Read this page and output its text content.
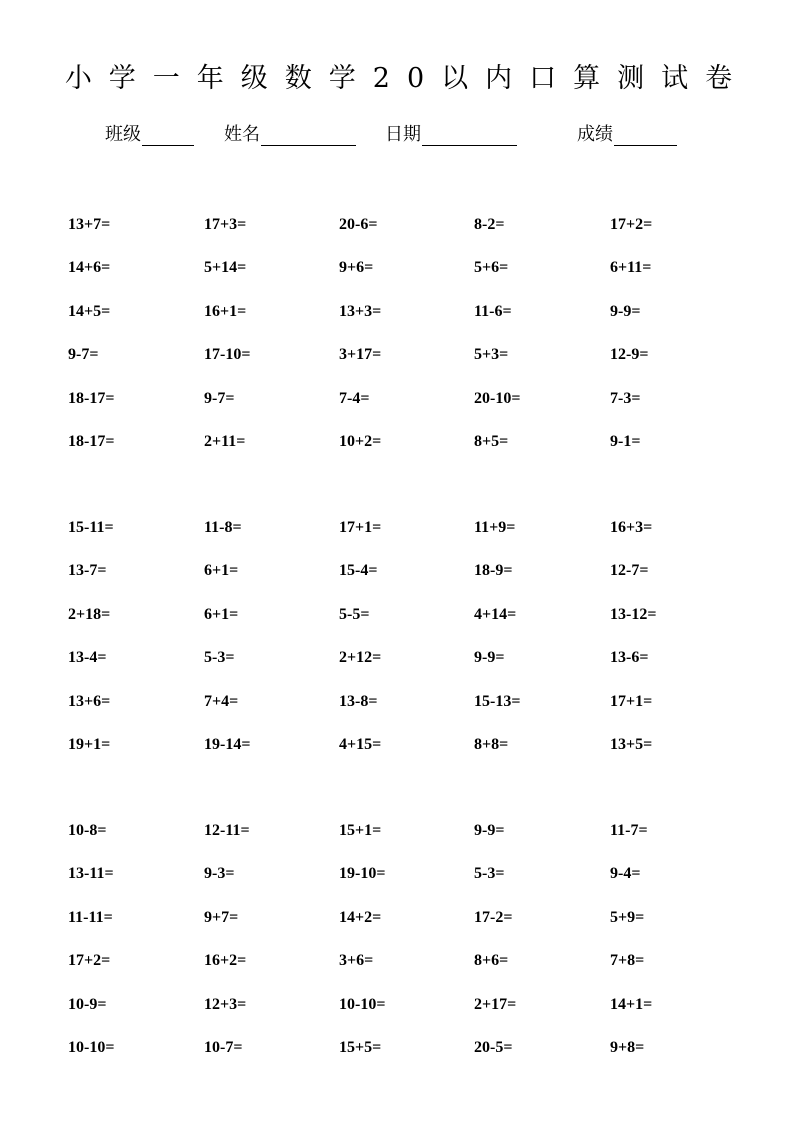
小学一年级数学20以内口算测试卷
班级	姓名	日期	成绩
13+7=	17+3=	20-6=	8-2=	17+2=
14+6=	5+14=	9+6=	5+6=	6+11=
14+5=	16+1=	13+3=	11-6=	9-9=
9-7=	17-10=	3+17=	5+3=	12-9=
18-17=	9-7=	7-4=	20-10=	7-3=
18-17=	2+11=	10+2=	8+5=	9-1=
15-11=	11-8=	17+1=	11+9=	16+3=
13-7=	6+1=	15-4=	18-9=	12-7=
2+18=	6+1=	5-5=	4+14=	13-12=
13-4=	5-3=	2+12=	9-9=	13-6=
13+6=	7+4=	13-8=	15-13=	17+1=
19+1=	19-14=	4+15=	8+8=	13+5=
10-8=	12-11=	15+1=	9-9=	11-7=
13-11=	9-3=	19-10=	5-3=	9-4=
11-11=	9+7=	14+2=	17-2=	5+9=
17+2=	16+2=	3+6=	8+6=	7+8=
10-9=	12+3=	10-10=	2+17=	14+1=
10-10=	10-7=	15+5=	20-5=	9+8=
